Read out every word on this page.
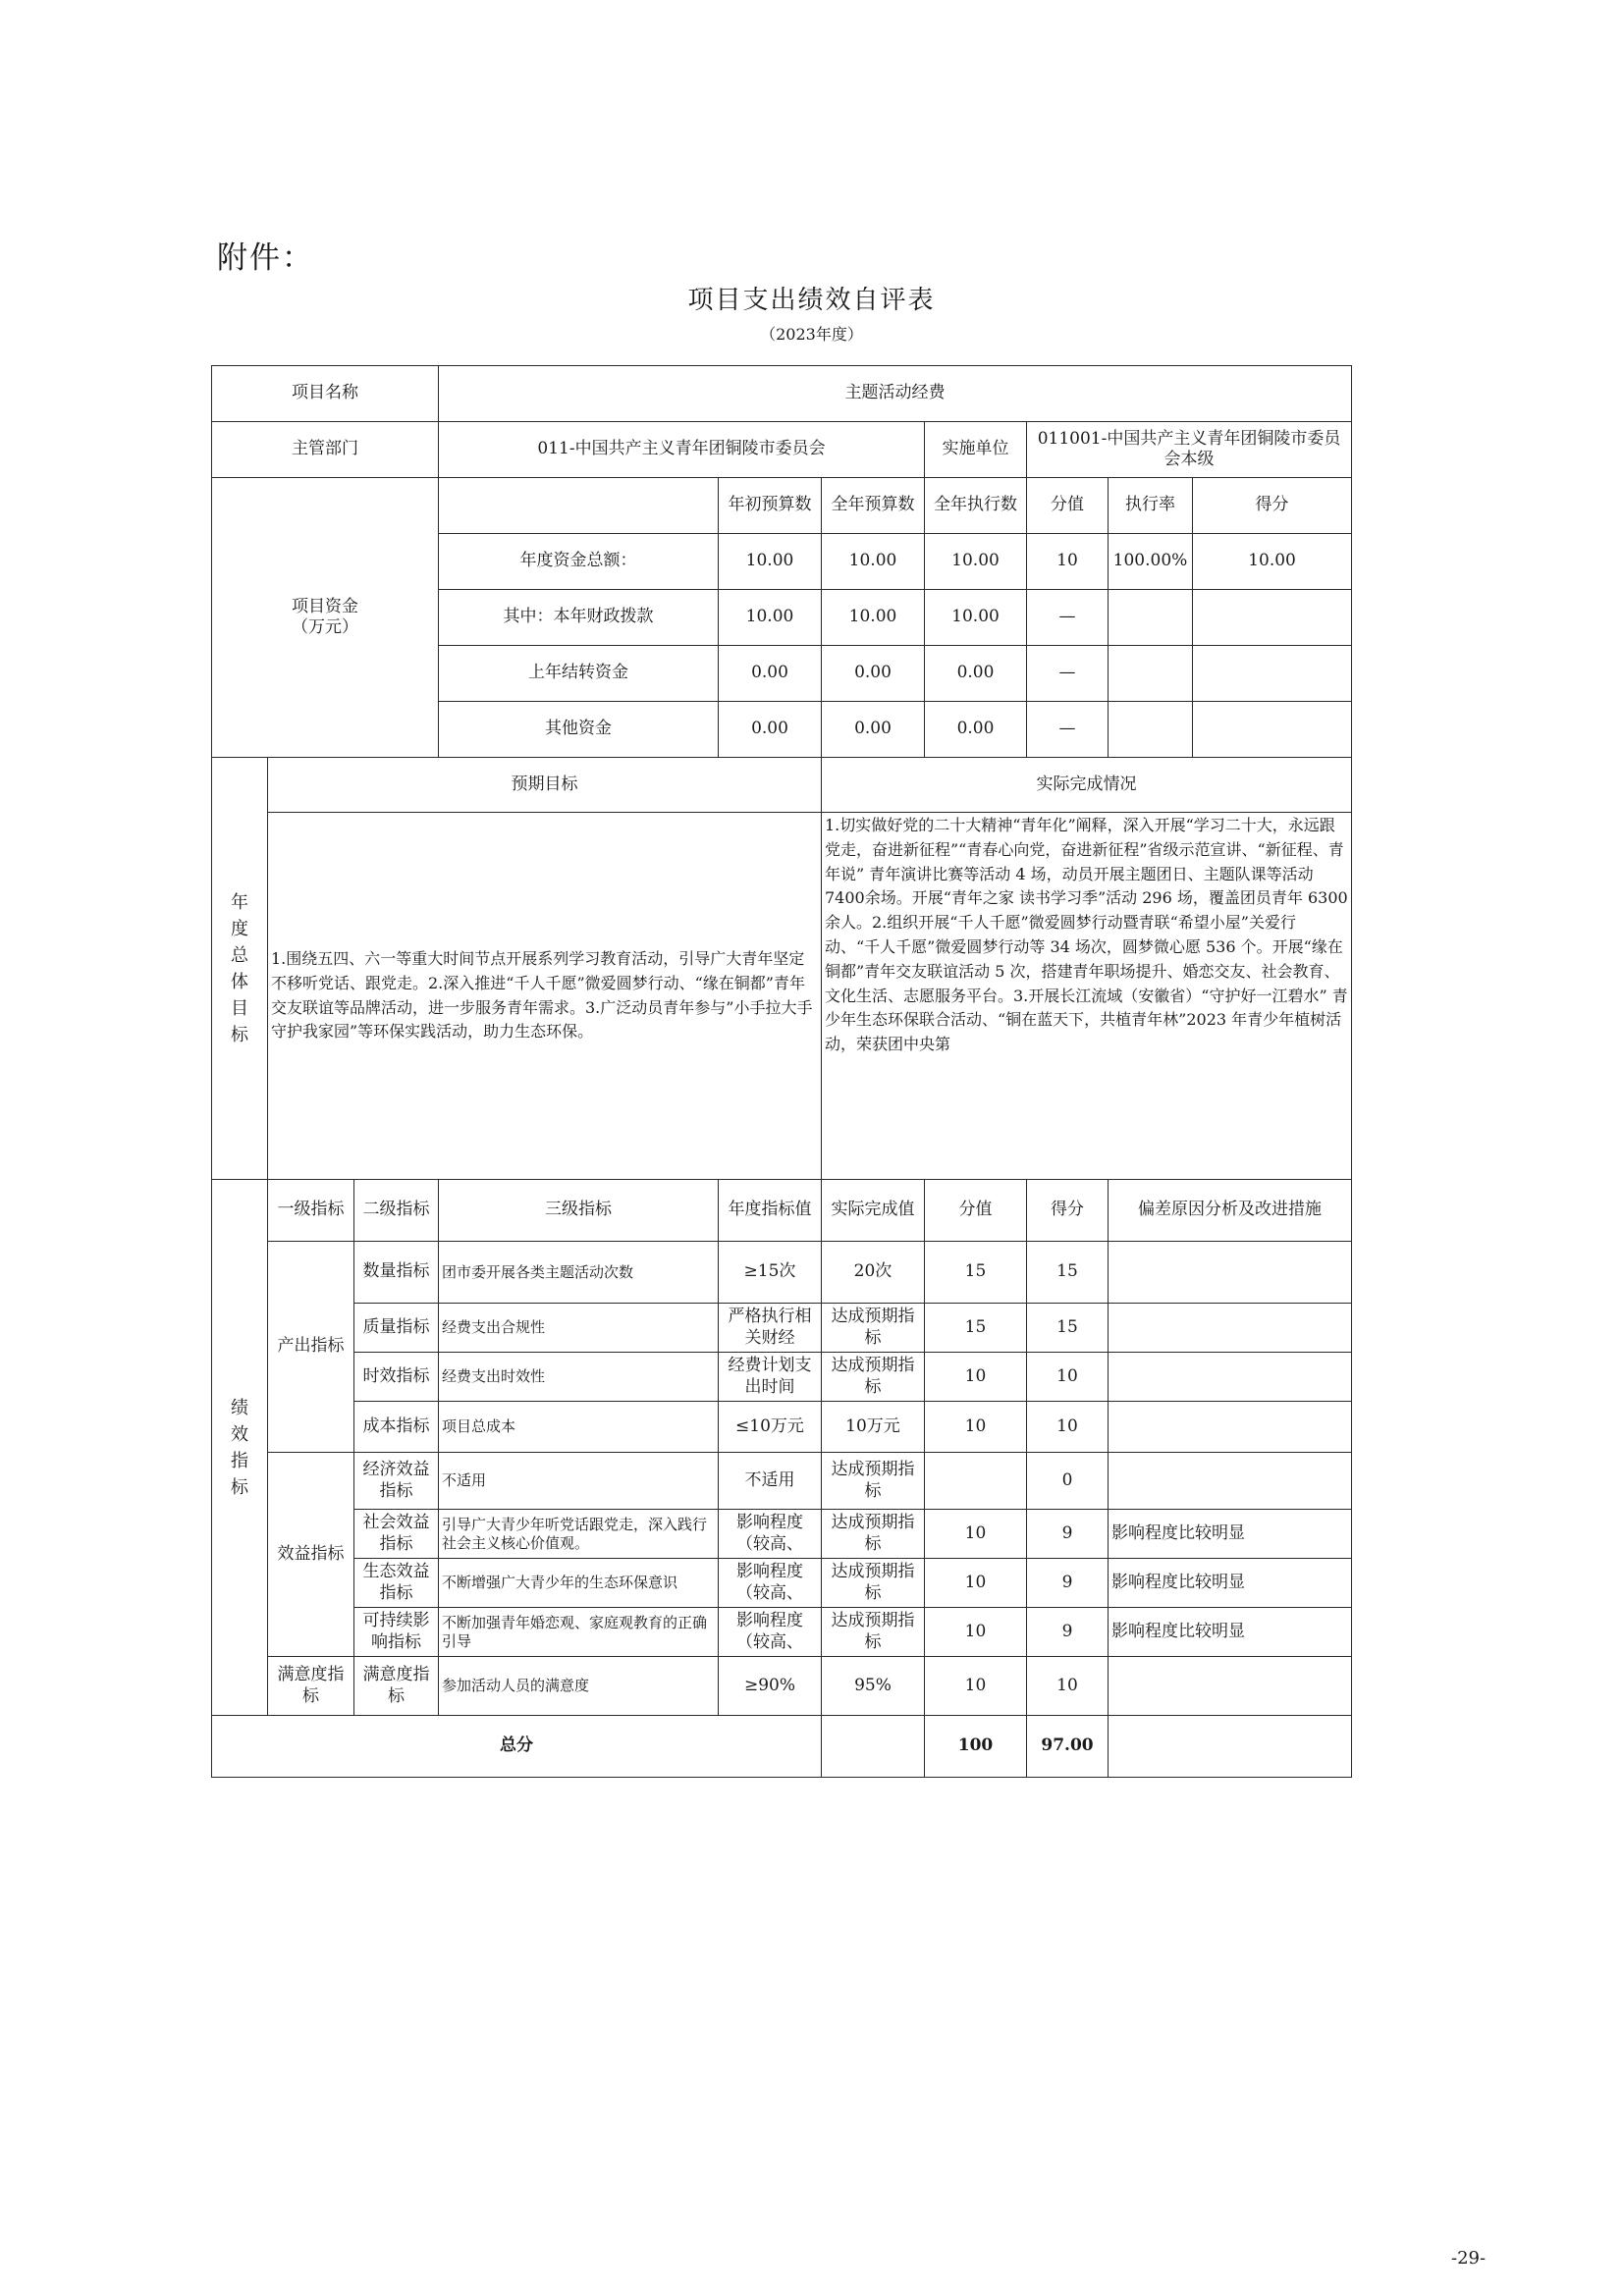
附件：
项目支出绩效自评表
（2023年度）
项目名称			主题活动经费						
主管部门			011-中国共产主义青年团铜陵市委员会			实施单位	011001-中国共产主义青年团铜陵市委员会本级		

项目资金
（万元）				年初预算数	全年预算数	全年执行数	分值	执行率	得分
			年度资金总额：	10.00	10.00	10.00	10	100.00%	10.00
			其中：本年财政拨款	10.00	10.00	10.00	—		
			上年结转资金	0.00	0.00	0.00	—		
			其他资金	0.00	0.00	0.00	—		

年度总体目标	预期目标				实际完成情况				

	1.围绕五四、六一等重大时间节点开展系列学习教育活动，引导广大青年坚定不移听党话、跟党走。2.深入推进“千人千愿”微爱圆梦行动、“缘在铜都”青年交友联谊等品牌活动，进一步服务青年需求。3.广泛动员青年参与”小手拉大手 守护我家园”等环保实践活动，助力生态环保。				1.切实做好党的二十大精神“青年化”阐释，深入开展“学习二十大，永远跟党走，奋进新征程”“青春心向党，奋进新征程”省级示范宣讲、“新征程、青年说” 青年演讲比赛等活动 4 场，动员开展主题团日、主题队课等活动7400余场。开展“青年之家 读书学习季”活动 296 场，覆盖团员青年 6300 余人。2.组织开展“千人千愿”微爱圆梦行动暨青联“希望小屋”关爱行动、“千人千愿”微爱圆梦行动等 34 场次，圆梦微心愿 536 个。开展“缘在铜都”青年交友联谊活动 5 次，搭建青年职场提升、婚恋交友、社会教育、文化生活、志愿服务平台。3.开展长江流域（安徽省）“守护好一江碧水” 青少年生态环保联合活动、“铜在蓝天下，共植青年林”2023 年青少年植树活动，荣获团中央第				

绩效指标	一级指标	二级指标	三级指标	年度指标值	实际完成值	分值	得分	偏差原因分析及改进措施	
	产出指标	数量指标	团市委开展各类主题活动次数	≥15次	20次	15	15		
		质量指标	经费支出合规性	严格执行相关财经	达成预期指标	15	15		
		时效指标	经费支出时效性	经费计划支出时间	达成预期指标	10	10		
		成本指标	项目总成本	≤10万元	10万元	10	10		
	效益指标	经济效益指标	不适用	不适用	达成预期指标		0		
		社会效益指标	引导广大青少年听党话跟党走，深入践行社会主义核心价值观。	影响程度（较高、	达成预期指标	10	9	影响程度比较明显	
		生态效益指标	不断增强广大青少年的生态环保意识	影响程度（较高、	达成预期指标	10	9	影响程度比较明显	
		可持续影响指标	不断加强青年婚恋观、家庭观教育的正确引导	影响程度（较高、	达成预期指标	10	9	影响程度比较明显	
	满意度指标	满意度指标	参加活动人员的满意度	≥90%	95%	10	10		
总分						100	97.00		
-29-
